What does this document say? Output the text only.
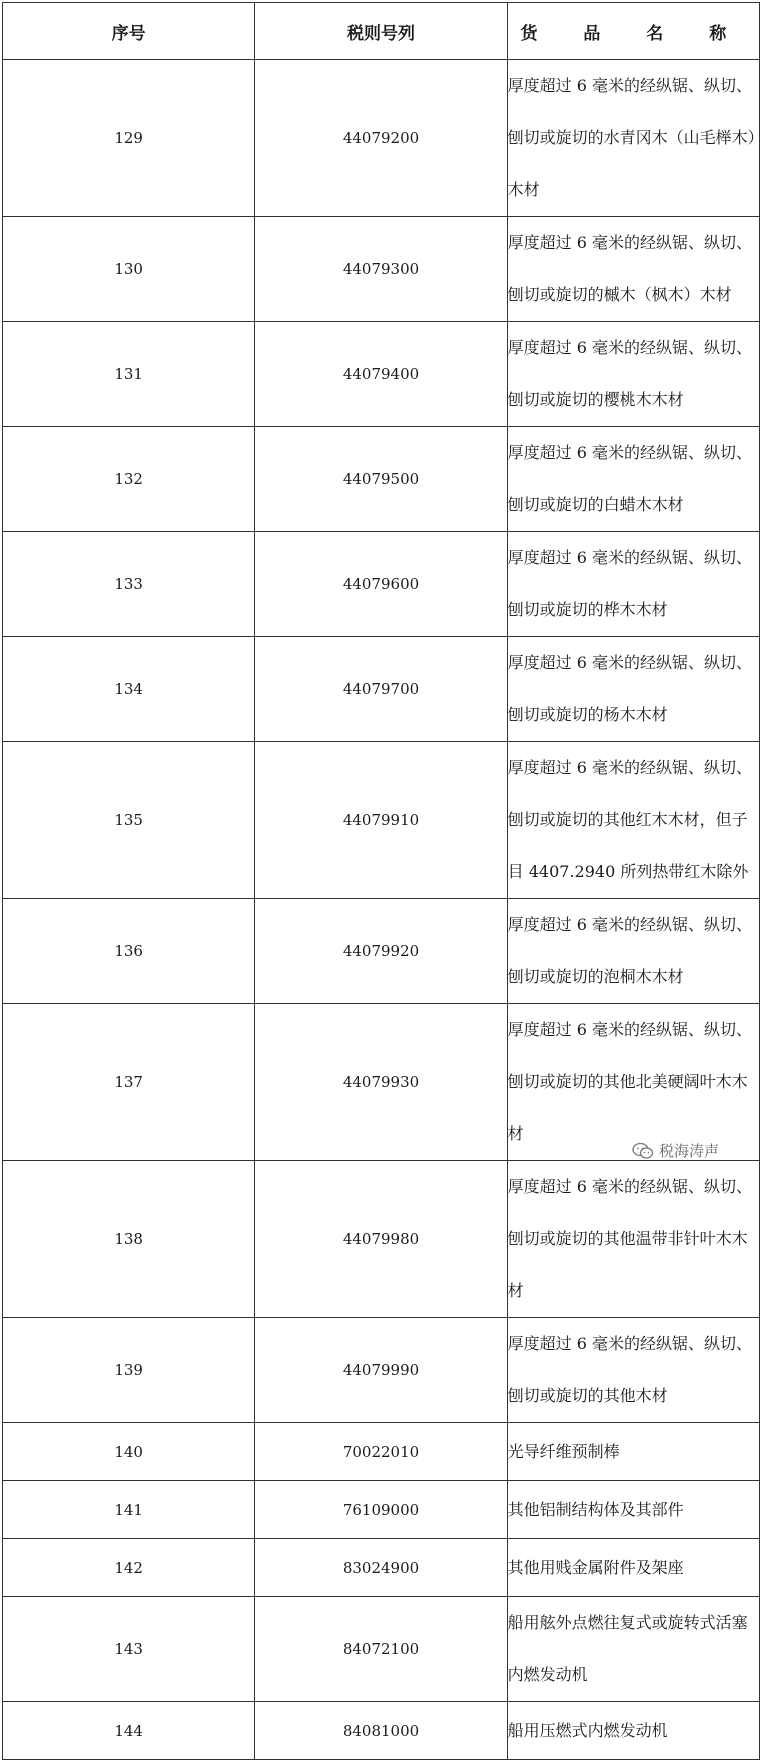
序号	税则号列	货 品 名 称
129	44079200	厚度超过 6 毫米的经纵锯、纵切、刨切或旋切的水青冈木（山毛榉木）木材
130	44079300	厚度超过 6 毫米的经纵锯、纵切、刨切或旋切的槭木（枫木）木材
131	44079400	厚度超过 6 毫米的经纵锯、纵切、刨切或旋切的樱桃木木材
132	44079500	厚度超过 6 毫米的经纵锯、纵切、刨切或旋切的白蜡木木材
133	44079600	厚度超过 6 毫米的经纵锯、纵切、刨切或旋切的桦木木材
134	44079700	厚度超过 6 毫米的经纵锯、纵切、刨切或旋切的杨木木材
135	44079910	厚度超过 6 毫米的经纵锯、纵切、刨切或旋切的其他红木木材，但子目 4407.2940 所列热带红木除外
136	44079920	厚度超过 6 毫米的经纵锯、纵切、刨切或旋切的泡桐木木材
137	44079930	厚度超过 6 毫米的经纵锯、纵切、刨切或旋切的其他北美硬阔叶木木材
138	44079980	厚度超过 6 毫米的经纵锯、纵切、刨切或旋切的其他温带非针叶木木材
139	44079990	厚度超过 6 毫米的经纵锯、纵切、刨切或旋切的其他木材
140	70022010	光导纤维预制棒
141	76109000	其他铝制结构体及其部件
142	83024900	其他用贱金属附件及架座
143	84072100	船用舷外点燃往复式或旋转式活塞内燃发动机
144	84081000	船用压燃式内燃发动机
税海涛声
